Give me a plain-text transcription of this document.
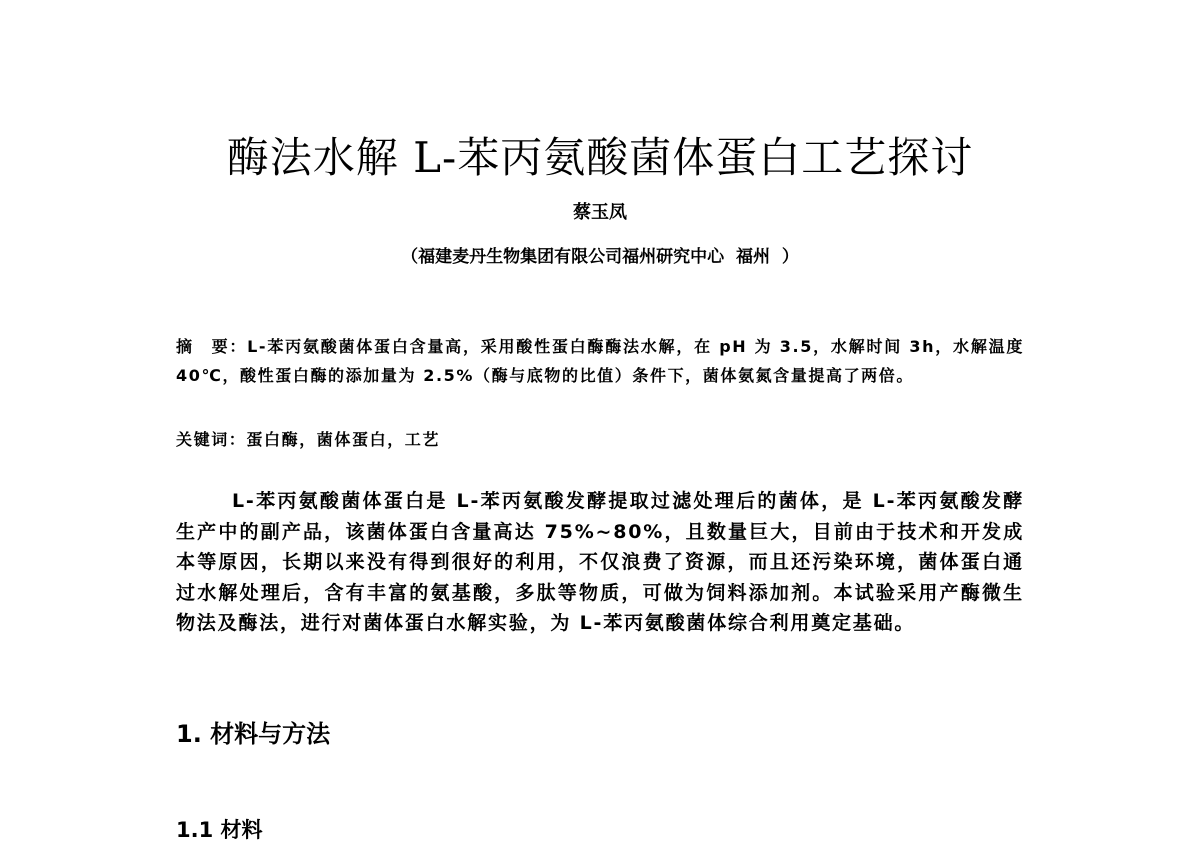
酶法水解 L-苯丙氨酸菌体蛋白工艺探讨
蔡玉凤
（福建麦丹生物集团有限公司福州研究中心  福州  ）

摘　要：L-苯丙氨酸菌体蛋白含量高，采用酸性蛋白酶酶法水解，在 pH 为 3.5，水解时间 3h，水解温度 40℃，酸性蛋白酶的添加量为 2.5%（酶与底物的比值）条件下，菌体氨氮含量提高了两倍。

关键词：蛋白酶，菌体蛋白，工艺

L-苯丙氨酸菌体蛋白是 L-苯丙氨酸发酵提取过滤处理后的菌体，是 L-苯丙氨酸发酵生产中的副产品，该菌体蛋白含量高达 75%~80%，且数量巨大，目前由于技术和开发成本等原因，长期以来没有得到很好的利用，不仅浪费了资源，而且还污染环境，菌体蛋白通过水解处理后，含有丰富的氨基酸，多肽等物质，可做为饲料添加剂。本试验采用产酶微生物法及酶法，进行对菌体蛋白水解实验，为 L-苯丙氨酸菌体综合利用奠定基础。

1. 材料与方法
1.1 材料
